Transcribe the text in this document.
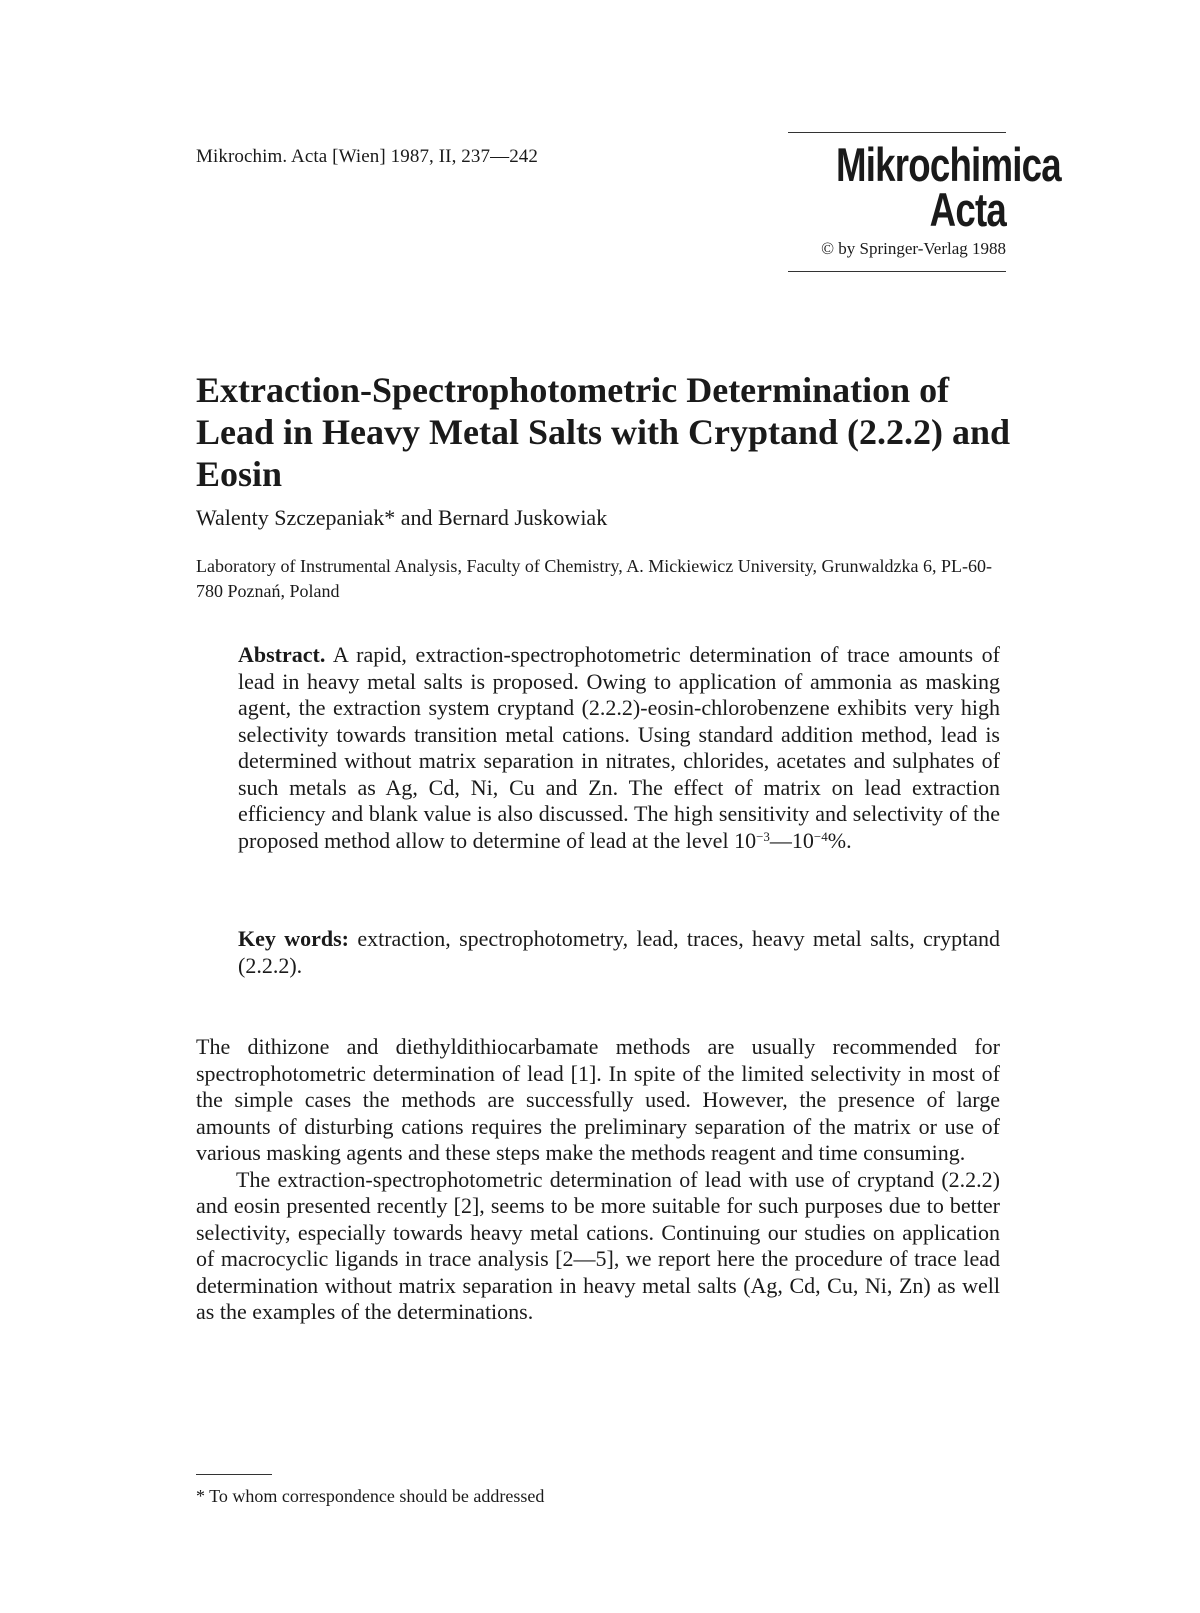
Mikrochim. Acta [Wien] 1987, II, 237—242	Mikrochimica
Acta
© by Springer-Verlag 1988
Extraction-Spectrophotometric Determination of Lead in Heavy Metal Salts with Cryptand (2.2.2) and Eosin
Walenty Szczepaniak* and Bernard Juskowiak
Laboratory of Instrumental Analysis, Faculty of Chemistry, A. Mickiewicz University, Grunwaldzka 6, PL-60-780 Poznań, Poland
Abstract. A rapid, extraction-spectrophotometric determination of trace amounts of lead in heavy metal salts is proposed. Owing to application of ammonia as masking agent, the extraction system cryptand (2.2.2)-eosin-chlorobenzene exhibits very high selectivity towards transition metal cations. Using standard addition method, lead is determined without matrix separation in nitrates, chlorides, acetates and sulphates of such metals as Ag, Cd, Ni, Cu and Zn. The effect of matrix on lead extraction efficiency and blank value is also discussed. The high sensitivity and selectivity of the proposed method allow to determine of lead at the level $10^{-3}—10^{-4}\%$.
Key words: extraction, spectrophotometry, lead, traces, heavy metal salts, cryptand (2.2.2).

The dithizone and diethyldithiocarbamate methods are usually recommended for spectrophotometric determination of lead [1]. In spite of the limited selectivity in most of the simple cases the methods are successfully used. However, the presence of large amounts of disturbing cations requires the preliminary separation of the matrix or use of various masking agents and these steps make the methods reagent and time consuming.

The extraction-spectrophotometric determination of lead with use of cryptand (2.2.2) and eosin presented recently [2], seems to be more suitable for such purposes due to better selectivity, especially towards heavy metal cations. Continuing our studies on application of macrocyclic ligands in trace analysis [2—5], we report here the procedure of trace lead determination without matrix separation in heavy metal salts (Ag, Cd, Cu, Ni, Zn) as well as the examples of the determinations.

* To whom correspondence should be addressed
